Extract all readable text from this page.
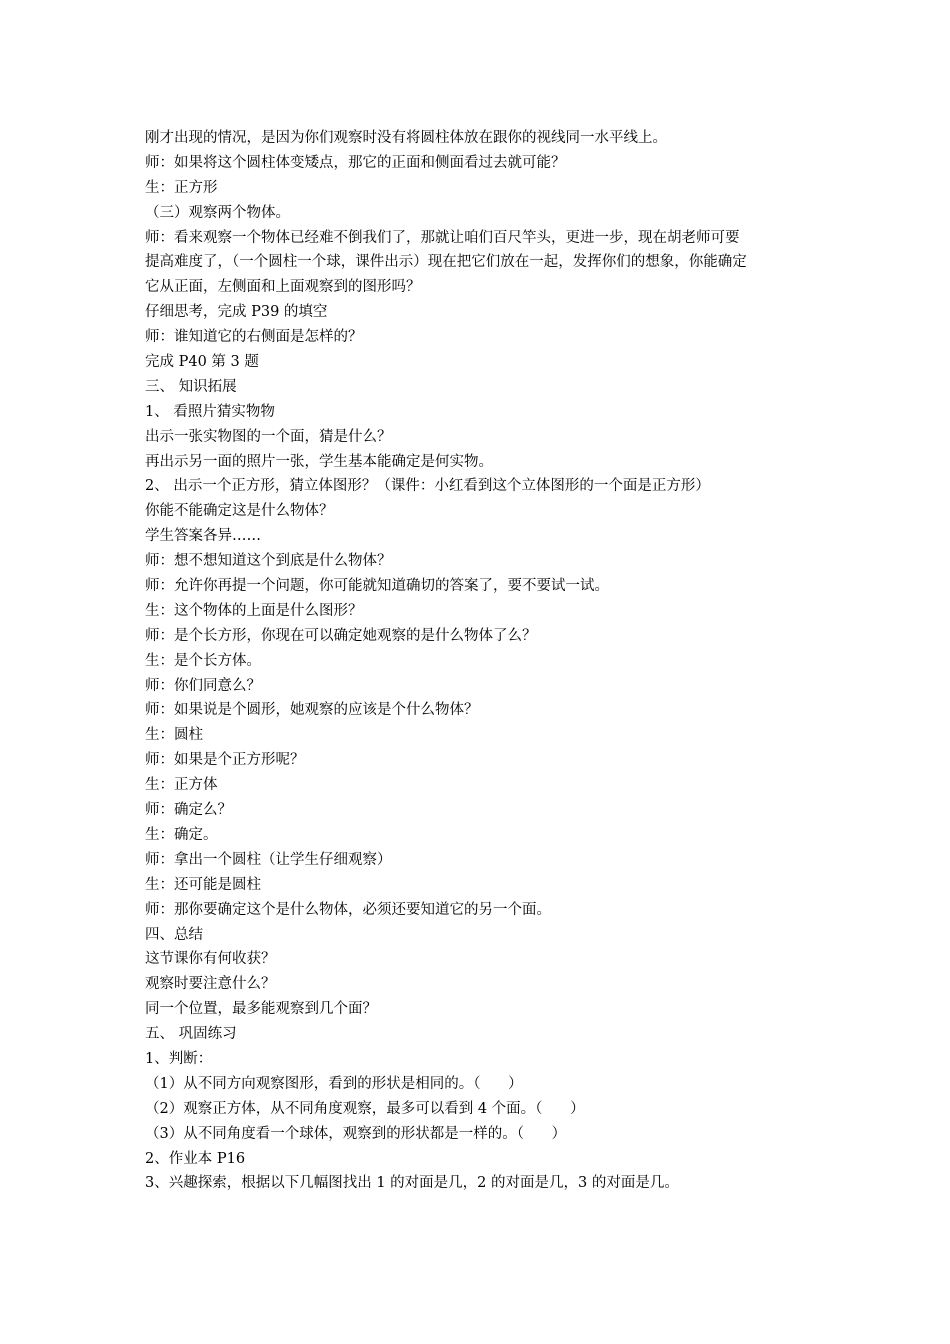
刚才出现的情况，是因为你们观察时没有将圆柱体放在跟你的视线同一水平线上。
师：如果将这个圆柱体变矮点，那它的正面和侧面看过去就可能？
生：正方形
（三）观察两个物体。
师：看来观察一个物体已经难不倒我们了，那就让咱们百尺竿头，更进一步，现在胡老师可要
提高难度了，（一个圆柱一个球，课件出示）现在把它们放在一起，发挥你们的想象，你能确定
它从正面，左侧面和上面观察到的图形吗？
仔细思考，完成 P39 的填空
师：谁知道它的右侧面是怎样的？
完成 P40 第 3 题
三、 知识拓展
1、 看照片猜实物物
出示一张实物图的一个面，猜是什么？
再出示另一面的照片一张，学生基本能确定是何实物。
2、 出示一个正方形，猜立体图形？（课件：小红看到这个立体图形的一个面是正方形）
你能不能确定这是什么物体？
学生答案各异……
师：想不想知道这个到底是什么物体？
师：允许你再提一个问题，你可能就知道确切的答案了，要不要试一试。
生：这个物体的上面是什么图形？
师：是个长方形，你现在可以确定她观察的是什么物体了么？
生：是个长方体。
师：你们同意么？
师：如果说是个圆形，她观察的应该是个什么物体？
生：圆柱
师：如果是个正方形呢？
生：正方体
师：确定么？
生：确定。
师：拿出一个圆柱（让学生仔细观察）
生：还可能是圆柱
师：那你要确定这个是什么物体，必须还要知道它的另一个面。
四、总结
这节课你有何收获？
观察时要注意什么？
同一个位置，最多能观察到几个面？
五、 巩固练习
1、判断：
（1）从不同方向观察图形，看到的形状是相同的。（      ）
（2）观察正方体，从不同角度观察，最多可以看到 4 个面。（      ）
（3）从不同角度看一个球体，观察到的形状都是一样的。（      ）
2、作业本 P16
3、兴趣探索，根据以下几幅图找出 1 的对面是几，2 的对面是几，3 的对面是几。
